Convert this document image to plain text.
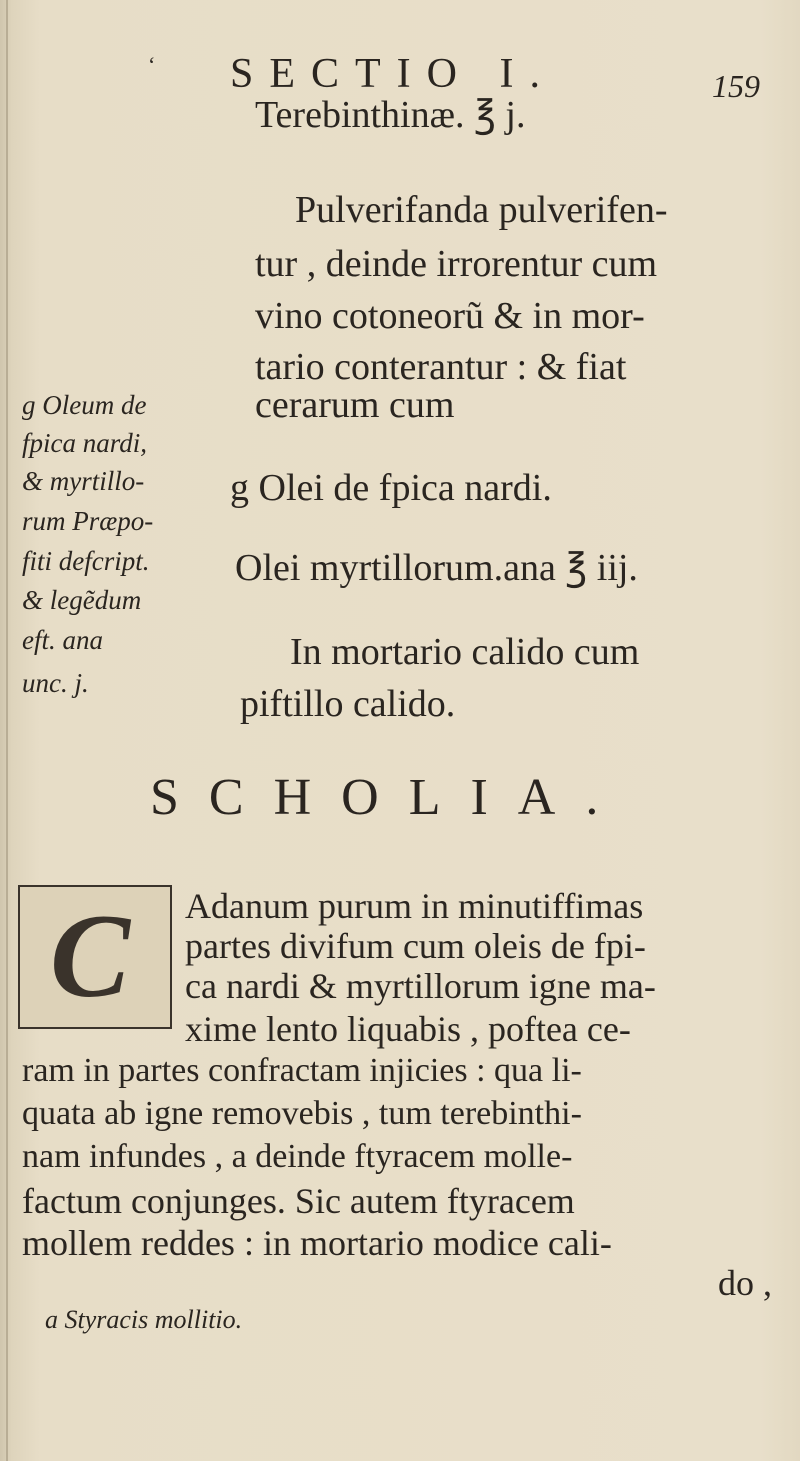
‘ SECTIO I.	159
Terebinthinæ. ℥ j.
Pulverifanda pulverifen-
tur , deinde irrorentur cum
vino cotoneorũ & in mor-
tario conterantur : & fiat
cerarum cum
g Olei de fpica nardi.
Olei myrtillorum.ana ℥ iij.
In mortario calido cum
piftillo calido.
g Oleum de
fpica nardi,
& myrtillo-
rum Præpo-
fiti defcript.
& legẽdum
eft. ana
unc. j.
SCHOLIA.
C Adanum purum in minutiffimas
partes divifum cum oleis de fpi-
ca nardi & myrtillorum igne ma-
xime lento liquabis , poftea ce-
ram in partes confractam injicies : qua li-
quata ab igne removebis , tum terebinthi-
nam infundes , a deinde ftyracem molle-
factum conjunges. Sic autem ftyracem
mollem reddes : in mortario modice cali-
do ,
a Styracis mollitio.
